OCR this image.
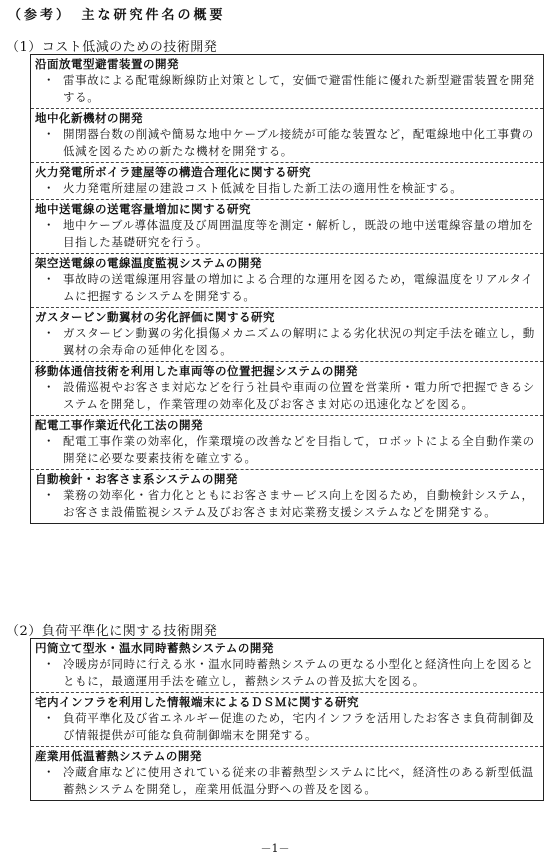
（参考）　主な研究件名の概要
（1）コスト低減のための技術開発
沿面放電型避雷装置の開発
・ 雷事故による配電線断線防止対策として，安価で避雷性能に優れた新型避雷装置を開発する。
地中化新機材の開発
・ 開閉器台数の削減や簡易な地中ケーブル接続が可能な装置など，配電線地中化工事費の低減を図るための新たな機材を開発する。
火力発電所ボイラ建屋等の構造合理化に関する研究
・ 火力発電所建屋の建設コスト低減を目指した新工法の適用性を検証する。
地中送電線の送電容量増加に関する研究
・ 地中ケーブル導体温度及び周囲温度等を測定・解析し，既設の地中送電線容量の増加を目指した基礎研究を行う。
架空送電線の電線温度監視システムの開発
・ 事故時の送電線運用容量の増加による合理的な運用を図るため，電線温度をリアルタイムに把握するシステムを開発する。
ガスタービン動翼材の劣化評価に関する研究
・ ガスタービン動翼の劣化損傷メカニズムの解明による劣化状況の判定手法を確立し，動翼材の余寿命の延伸化を図る。
移動体通信技術を利用した車両等の位置把握システムの開発
・ 設備巡視やお客さま対応などを行う社員や車両の位置を営業所・電力所で把握できるシステムを開発し，作業管理の効率化及びお客さま対応の迅速化などを図る。
配電工事作業近代化工法の開発
・ 配電工事作業の効率化，作業環境の改善などを目指して，ロボットによる全自動作業の開発に必要な要素技術を確立する。
自動検針・お客さま系システムの開発
・ 業務の効率化・省力化とともにお客さまサービス向上を図るため，自動検針システム，お客さま設備監視システム及びお客さま対応業務支援システムなどを開発する。
（2）負荷平準化に関する技術開発
円筒立て型氷・温水同時蓄熱システムの開発
・ 冷暖房が同時に行える氷・温水同時蓄熱システムの更なる小型化と経済性向上を図るとともに，最適運用手法を確立し，蓄熱システムの普及拡大を図る。
宅内インフラを利用した情報端末によるＤＳＭに関する研究
・ 負荷平準化及び省エネルギー促進のため，宅内インフラを活用したお客さま負荷制御及び情報提供が可能な負荷制御端末を開発する。
産業用低温蓄熱システムの開発
・ 冷蔵倉庫などに使用されている従来の非蓄熱型システムに比べ，経済性のある新型低温蓄熱システムを開発し，産業用低温分野への普及を図る。
－1－
